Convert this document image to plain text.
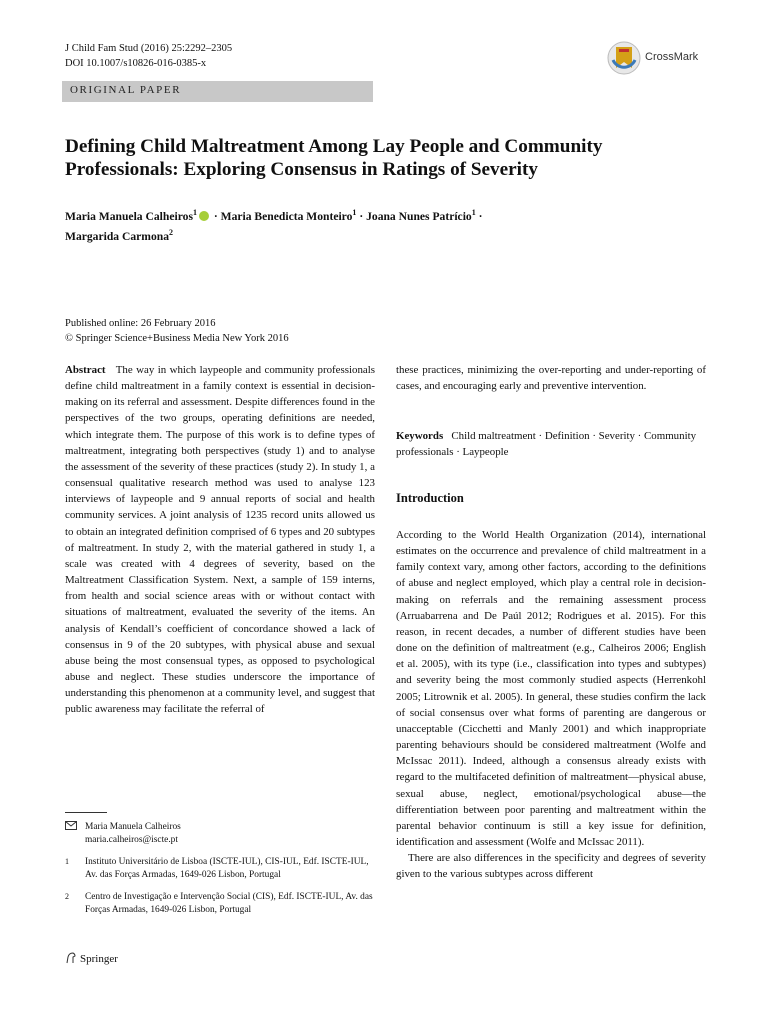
J Child Fam Stud (2016) 25:2292–2305
DOI 10.1007/s10826-016-0385-x
CrossMark
ORIGINAL PAPER
Defining Child Maltreatment Among Lay People and Community Professionals: Exploring Consensus in Ratings of Severity
Maria Manuela Calheiros$^1$ · Maria Benedicta Monteiro$^1$ · Joana Nunes Patrício$^1$ ·
Margarida Carmona$^2$
Published online: 26 February 2016
© Springer Science+Business Media New York 2016

Abstract The way in which laypeople and community professionals define child maltreatment in a family context is essential in decision-making on its referral and assessment. Despite differences found in the perspectives of the two groups, operating definitions are needed, which integrate them. The purpose of this work is to define types of maltreatment, integrating both perspectives (study 1) and to analyse the assessment of the severity of these practices (study 2). In study 1, a consensual qualitative research method was used to analyse 123 interviews of laypeople and 9 annual reports of social and health community services. A joint analysis of 1235 record units allowed us to obtain an integrated definition comprised of 6 types and 20 subtypes of maltreatment. In study 2, with the material gathered in study 1, a scale was created with 4 degrees of severity, based on the Maltreatment Classification System. Next, a sample of 159 interns, from health and social science areas with or without contact with situations of maltreatment, evaluated the severity of the items. An analysis of Kendall’s coefficient of concordance showed a lack of consensus in 9 of the 20 subtypes, with physical abuse and sexual abuse being the most consensual types, as opposed to psychological abuse and neglect. These studies underscore the importance of understanding this phenomenon at a community level, and suggest that public awareness may facilitate the referral of

these practices, minimizing the over-reporting and under-reporting of cases, and encouraging early and preventive intervention.

Keywords Child maltreatment · Definition · Severity · Community professionals · Laypeople

Introduction

According to the World Health Organization (2014), international estimates on the occurrence and prevalence of child maltreatment in a family context vary, among other factors, according to the definitions of abuse and neglect employed, which play a central role in decision-making on referrals and the remaining assessment process (Arruabarrena and De Paúl 2012; Rodrigues et al. 2015). For this reason, in recent decades, a number of different studies have been done on the definition of maltreatment (e.g., Calheiros 2006; English et al. 2005), with its type (i.e., classification into types and subtypes) and severity being the most commonly studied aspects (Herrenkohl 2005; Litrownik et al. 2005). In general, these studies confirm the lack of social consensus over what forms of parenting are dangerous or unacceptable (Cicchetti and Manly 2001) and which inappropriate parenting behaviours should be considered maltreatment (Wolfe and McIssac 2011). Indeed, although a consensus already exists with regard to the multifaceted definition of maltreatment—physical abuse, sexual abuse, neglect, emotional/psychological abuse—the differentiation between poor parenting and maltreatment within the parental behavior continuum is still a key issue for definition, identification and assessment (Wolfe and McIssac 2011).

There are also differences in the specificity and degrees of severity given to the various subtypes across different

Maria Manuela Calheiros
maria.calheiros@iscte.pt
1	Instituto Universitário de Lisboa (ISCTE-IUL), CIS-IUL, Edf. ISCTE-IUL, Av. das Forças Armadas, 1649-026 Lisbon, Portugal
2	Centro de Investigação e Intervenção Social (CIS), Edf. ISCTE-IUL, Av. das Forças Armadas, 1649-026 Lisbon, Portugal
Springer
